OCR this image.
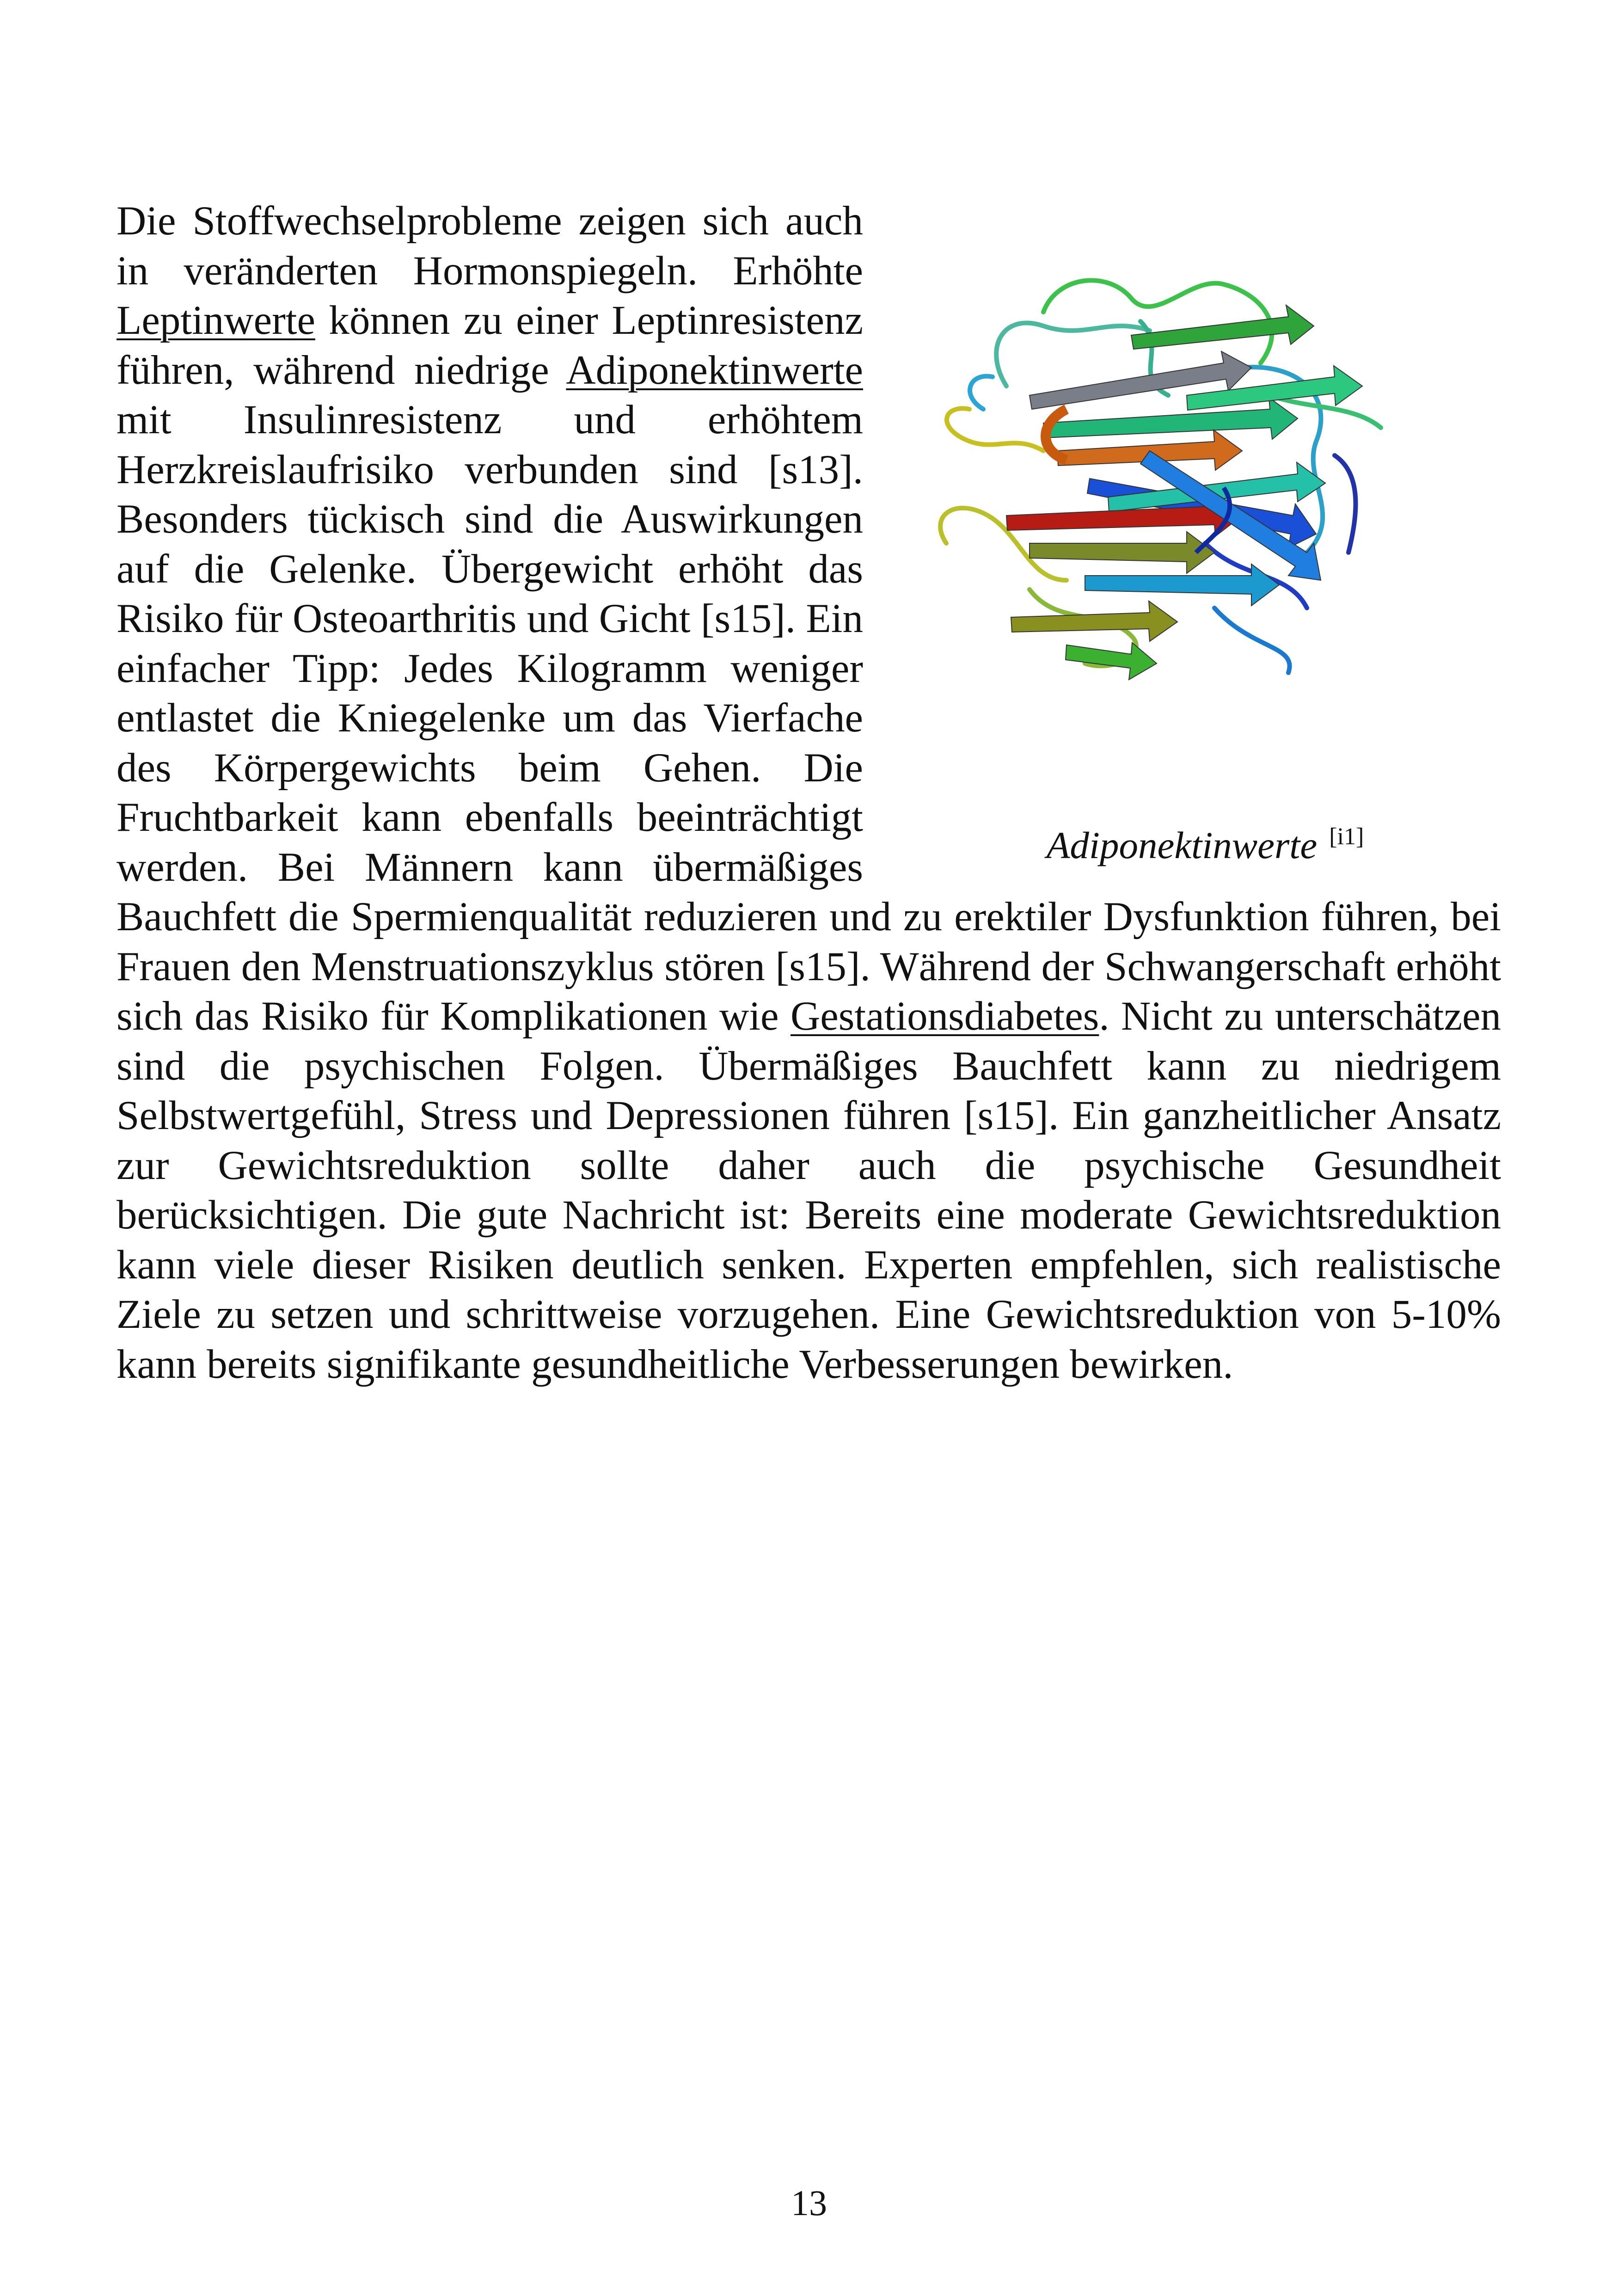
Adiponektinwerte [i1]
Die Stoffwechselprobleme zeigen sich auch in veränderten Hormonspiegeln. Erhöhte Leptinwerte können zu einer Leptinresistenz führen, während niedrige Adiponektinwerte mit Insulinresistenz und erhöhtem Herzkreislaufrisiko verbunden sind [s13]. Besonders tückisch sind die Auswirkungen auf die Gelenke. Übergewicht erhöht das Risiko für Osteoarthritis und Gicht [s15]. Ein einfacher Tipp: Jedes Kilogramm weniger entlastet die Kniegelenke um das Vierfache des Körpergewichts beim Gehen. Die Fruchtbarkeit kann ebenfalls beeinträchtigt werden. Bei Männern kann übermäßiges Bauchfett die Spermienqualität reduzieren und zu erektiler Dysfunktion führen, bei Frauen den Menstruationszyklus stören [s15]. Während der Schwangerschaft erhöht sich das Risiko für Komplikationen wie Gestationsdiabetes. Nicht zu unterschätzen sind die psychischen Folgen. Übermäßiges Bauchfett kann zu niedrigem Selbstwertgefühl, Stress und Depressionen führen [s15]. Ein ganzheitlicher Ansatz zur Gewichtsreduktion sollte daher auch die psychische Gesundheit berücksichtigen. Die gute Nachricht ist: Bereits eine moderate Gewichtsreduktion kann viele dieser Risiken deutlich senken. Experten empfehlen, sich realistische Ziele zu setzen und schrittweise vorzugehen. Eine Gewichtsreduktion von 5-10% kann bereits signifikante gesundheitliche Verbesserungen bewirken.
13
